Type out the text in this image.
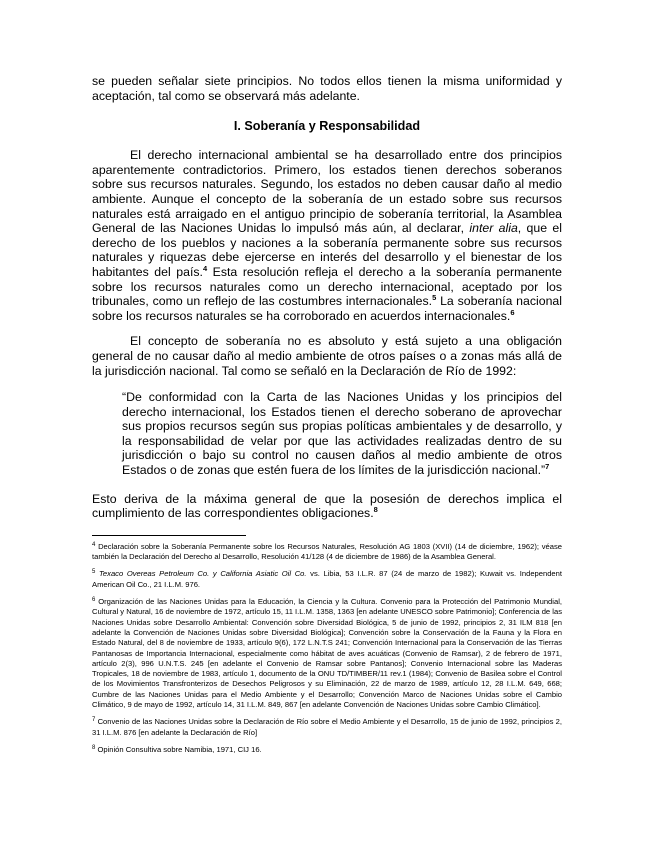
se pueden señalar siete principios. No todos ellos tienen la misma uniformidad y aceptación, tal como se observará más adelante.

I. Soberanía y Responsabilidad

El derecho internacional ambiental se ha desarrollado entre dos principios aparentemente contradictorios. Primero, los estados tienen derechos soberanos sobre sus recursos naturales. Segundo, los estados no deben causar daño al medio ambiente. Aunque el concepto de la soberanía de un estado sobre sus recursos naturales está arraigado en el antiguo principio de soberanía territorial, la Asamblea General de las Naciones Unidas lo impulsó más aún, al declarar, inter alia, que el derecho de los pueblos y naciones a la soberanía permanente sobre sus recursos naturales y riquezas debe ejercerse en interés del desarrollo y el bienestar de los habitantes del país.$^4$ Esta resolución refleja el derecho a la soberanía permanente sobre los recursos naturales como un derecho internacional, aceptado por los tribunales, como un reflejo de las costumbres internacionales.$^5$ La soberanía nacional sobre los recursos naturales se ha corroborado en acuerdos internacionales.$^6$

El concepto de soberanía no es absoluto y está sujeto a una obligación general de no causar daño al medio ambiente de otros países o a zonas más allá de la jurisdicción nacional. Tal como se señaló en la Declaración de Río de 1992:

“De conformidad con la Carta de las Naciones Unidas y los principios del derecho internacional, los Estados tienen el derecho soberano de aprovechar sus propios recursos según sus propias políticas ambientales y de desarrollo, y la responsabilidad de velar por que las actividades realizadas dentro de su jurisdicción o bajo su control no causen daños al medio ambiente de otros Estados o de zonas que estén fuera de los límites de la jurisdicción nacional.”$^7$

Esto deriva de la máxima general de que la posesión de derechos implica el cumplimiento de las correspondientes obligaciones.$^8$

$^4$ Declaración sobre la Soberanía Permanente sobre los Recursos Naturales, Resolución AG 1803 (XVII) (14 de diciembre, 1962); véase también la Declaración del Derecho al Desarrollo, Resolución 41/128 (4 de diciembre de 1986) de la Asamblea General.

$^5$ Texaco Overeas Petroleum Co. y California Asiatic Oil Co. vs. Libia, 53 I.L.R. 87 (24 de marzo de 1982); Kuwait vs. Independent American Oil Co., 21 I.L.M. 976.

$^6$ Organización de las Naciones Unidas para la Educación, la Ciencia y la Cultura. Convenio para la Protección del Patrimonio Mundial, Cultural y Natural, 16 de noviembre de 1972, artículo 15, 11 I.L.M. 1358, 1363 [en adelante UNESCO sobre Patrimonio]; Conferencia de las Naciones Unidas sobre Desarrollo Ambiental: Convención sobre Diversidad Biológica, 5 de junio de 1992, principios 2, 31 ILM 818 [en adelante la Convención de Naciones Unidas sobre Diversidad Biológica]; Convención sobre la Conservación de la Fauna y la Flora en Estado Natural, del 8 de noviembre de 1933, artículo 9(6), 172 L.N.T.S 241; Convención Internacional para la Conservación de las Tierras Pantanosas de Importancia Internacional, especialmente como hábitat de aves acuáticas (Convenio de Ramsar), 2 de febrero de 1971, artículo 2(3), 996 U.N.T.S. 245 [en adelante el Convenio de Ramsar sobre Pantanos]; Convenio Internacional sobre las Maderas Tropicales, 18 de noviembre de 1983, artículo 1, documento de la ONU TD/TIMBER/11 rev.1 (1984); Convenio de Basilea sobre el Control de los Movimientos Transfronterizos de Desechos Peligrosos y su Eliminación, 22 de marzo de 1989, artículo 12, 28 I.L.M. 649, 668; Cumbre de las Naciones Unidas para el Medio Ambiente y el Desarrollo; Convención Marco de Naciones Unidas sobre el Cambio Climático, 9 de mayo de 1992, artículo 14, 31 I.L.M. 849, 867 [en adelante Convención de Naciones Unidas sobre Cambio Climático].

$^7$ Convenio de las Naciones Unidas sobre la Declaración de Río sobre el Medio Ambiente y el Desarrollo, 15 de junio de 1992, principios 2, 31 I.L.M. 876 [en adelante la Declaración de Río]

$^8$ Opinión Consultiva sobre Namibia, 1971, CIJ 16.
